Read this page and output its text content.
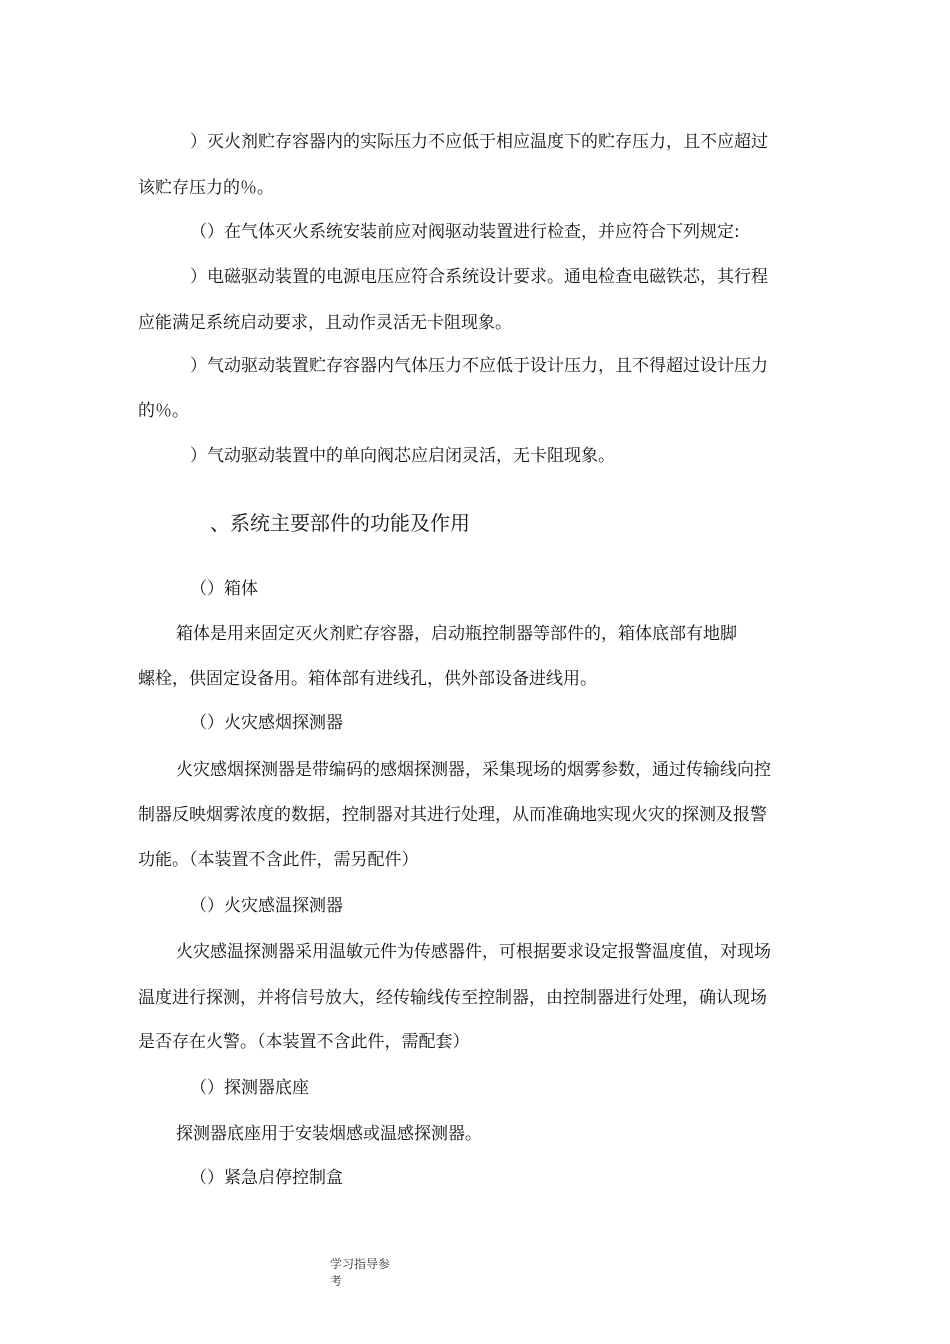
）灭火剂贮存容器内的实际压力不应低于相应温度下的贮存压力，且不应超过
该贮存压力的％。
（）在气体灭火系统安装前应对阀驱动装置进行检查，并应符合下列规定:
）电磁驱动装置的电源电压应符合系统设计要求。通电检查电磁铁芯，其行程
应能满足系统启动要求，且动作灵活无卡阻现象。
）气动驱动装置贮存容器内气体压力不应低于设计压力，且不得超过设计压力
的％。
）气动驱动装置中的单向阀芯应启闭灵活，无卡阻现象。
、系统主要部件的功能及作用
（）箱体
箱体是用来固定灭火剂贮存容器，启动瓶控制器等部件的，箱体底部有地脚
螺栓，供固定设备用。箱体部有进线孔，供外部设备进线用。
（）火灾感烟探测器
火灾感烟探测器是带编码的感烟探测器，采集现场的烟雾参数，通过传输线向控
制器反映烟雾浓度的数据，控制器对其进行处理，从而准确地实现火灾的探测及报警
功能。（本装置不含此件，需另配件）
（）火灾感温探测器
火灾感温探测器采用温敏元件为传感器件，可根据要求设定报警温度值，对现场
温度进行探测，并将信号放大，经传输线传至控制器，由控制器进行处理，确认现场
是否存在火警。（本装置不含此件，需配套）
（）探测器底座
探测器底座用于安装烟感或温感探测器。
（）紧急启停控制盒
学习指导参
考
